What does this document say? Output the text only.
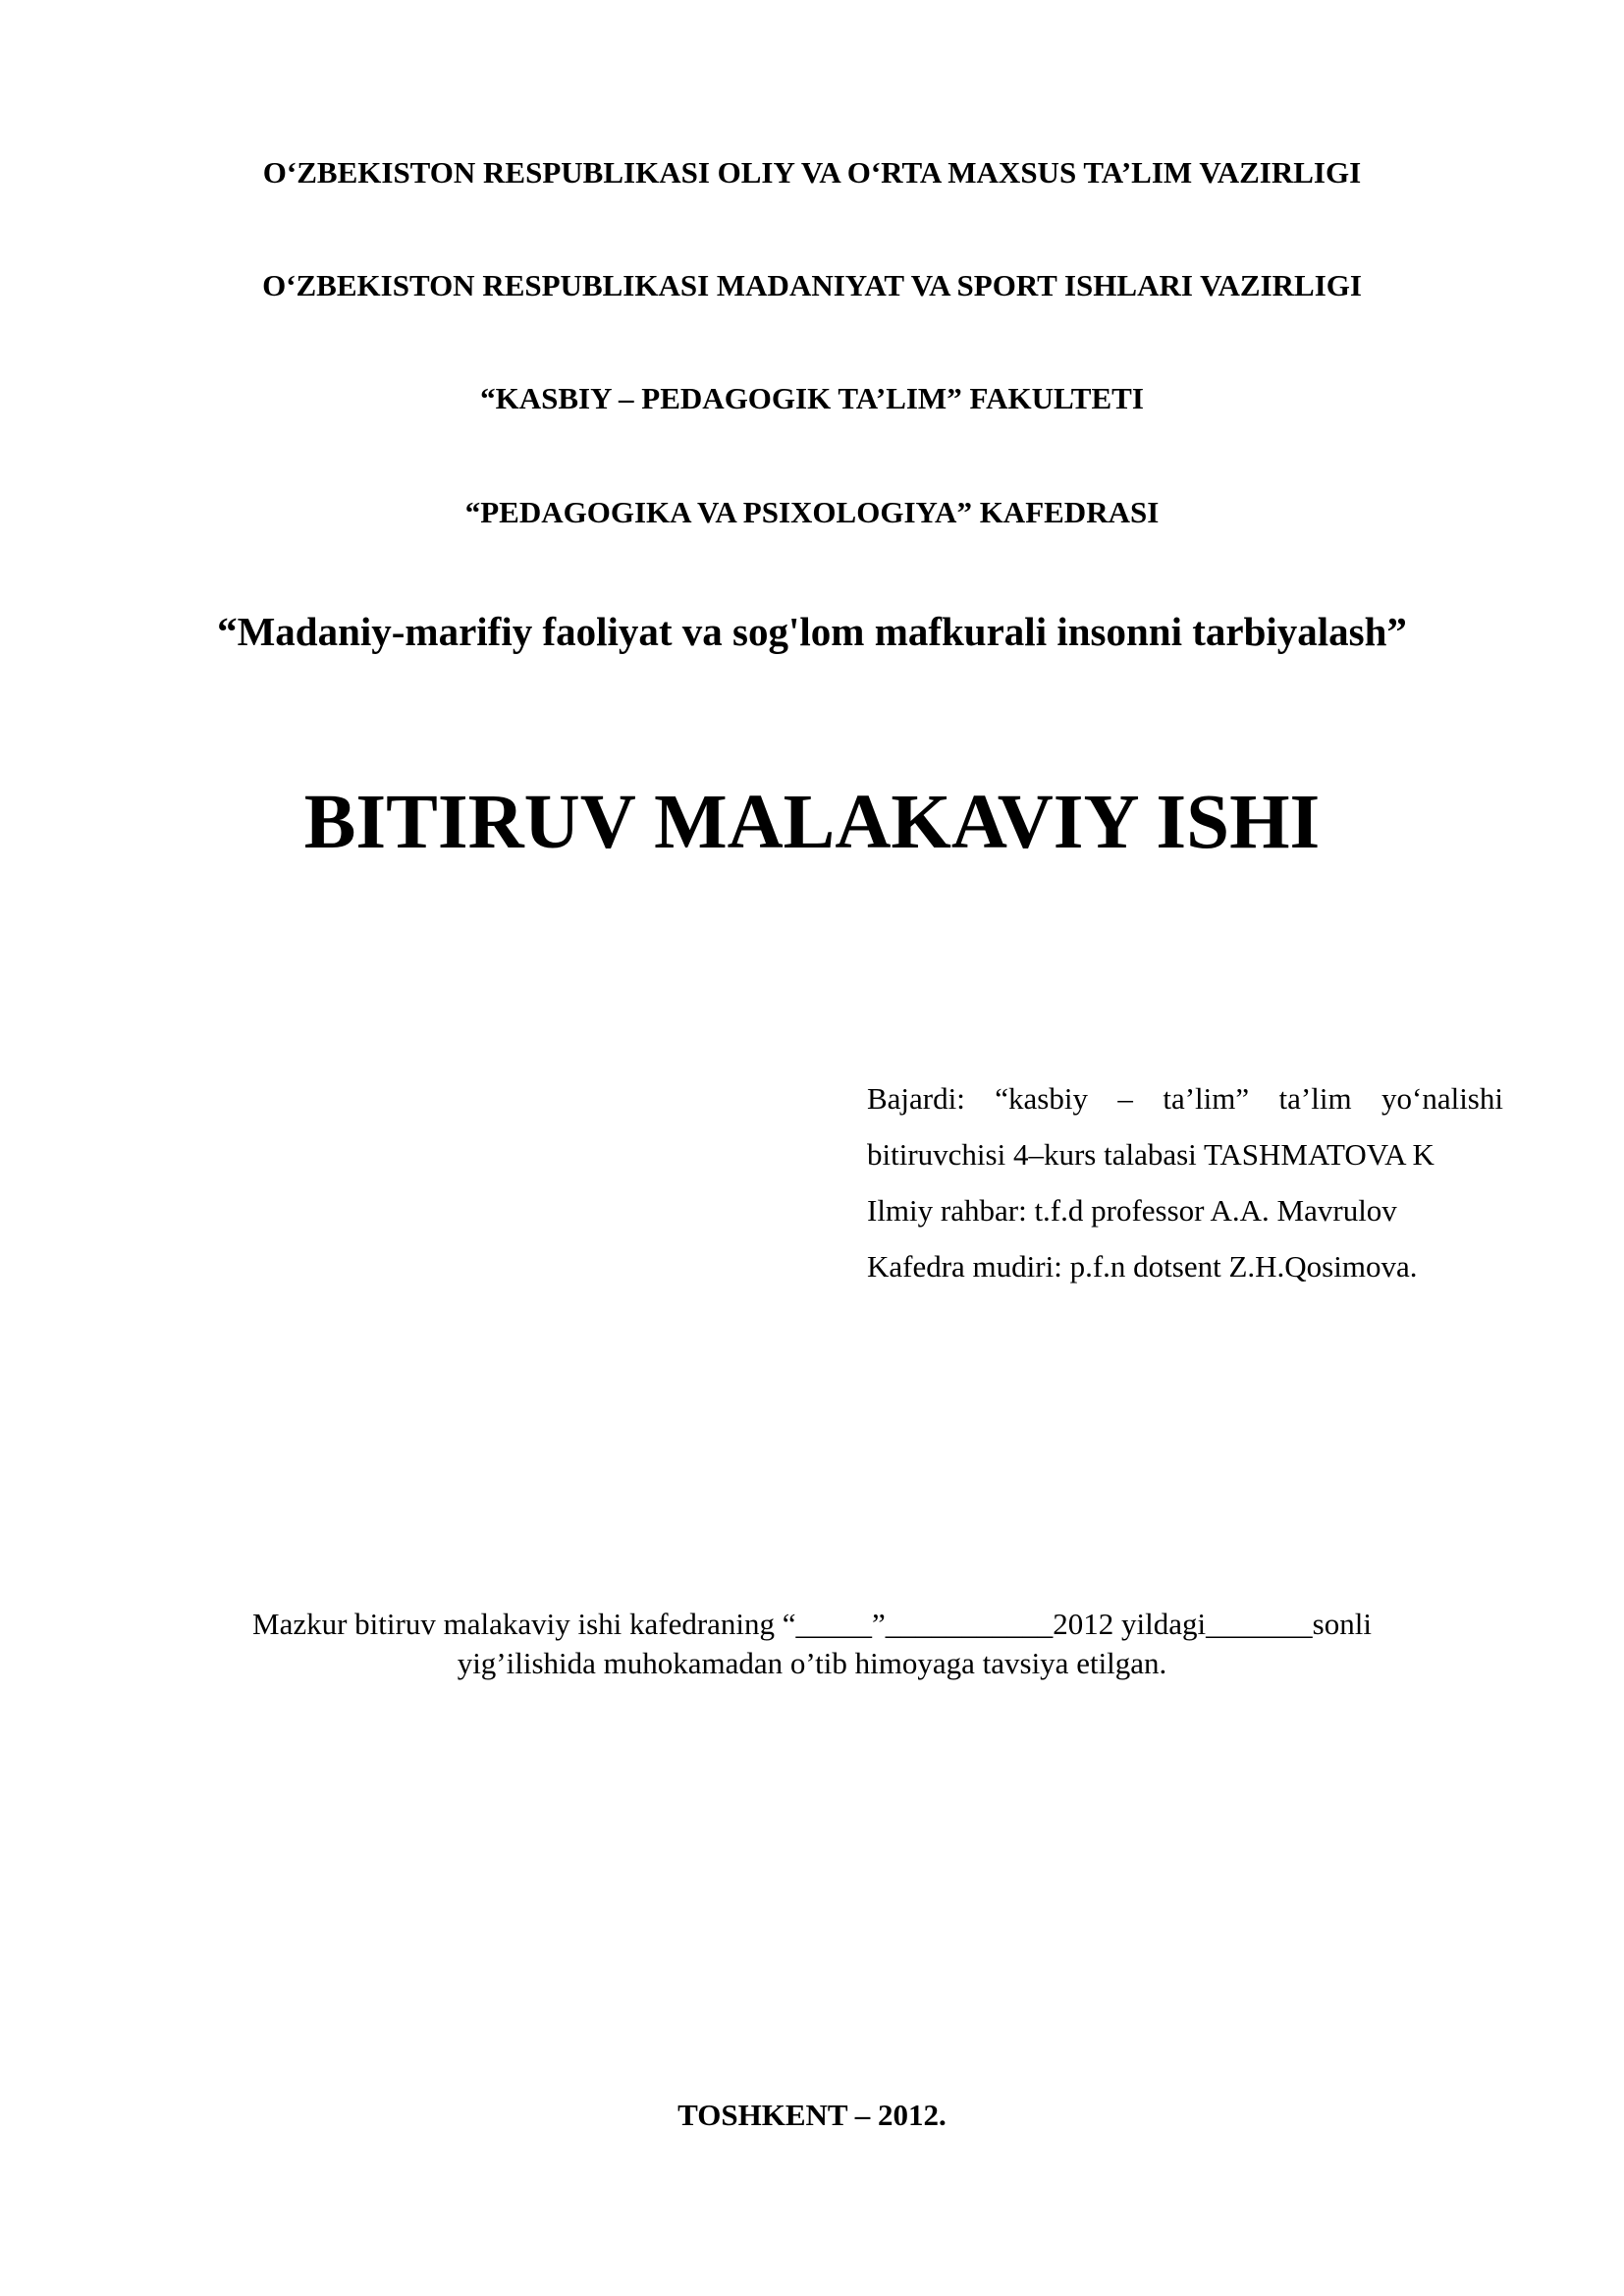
O‘ZBEKISTON RESPUBLIKASI OLIY VA O‘RTA MAXSUS TA’LIM VAZIRLIGI
O‘ZBEKISTON RESPUBLIKASI MADANIYAT VA SPORT ISHLARI VAZIRLIGI
“KASBIY – PEDAGOGIK TA’LIM” FAKULTETI
“PEDAGOGIKA VA PSIXOLOGIYA” KAFEDRASI
“Madaniy-marifiy faoliyat va sog'lom mafkurali insonni tarbiyalash”
BITIRUV MALAKAVIY ISHI
Bajardi: “kasbiy – ta’lim” ta’lim yo‘nalishi
bitiruvchisi 4–kurs talabasi TASHMATOVA K
Ilmiy rahbar: t.f.d professor A.A. Mavrulov
Kafedra mudiri: p.f.n dotsent Z.H.Qosimova.
Mazkur bitiruv malakaviy ishi kafedraning “_____”___________2012 yildagi_______sonli
yig’ilishida muhokamadan o’tib himoyaga tavsiya etilgan.
TOSHKENT – 2012.
